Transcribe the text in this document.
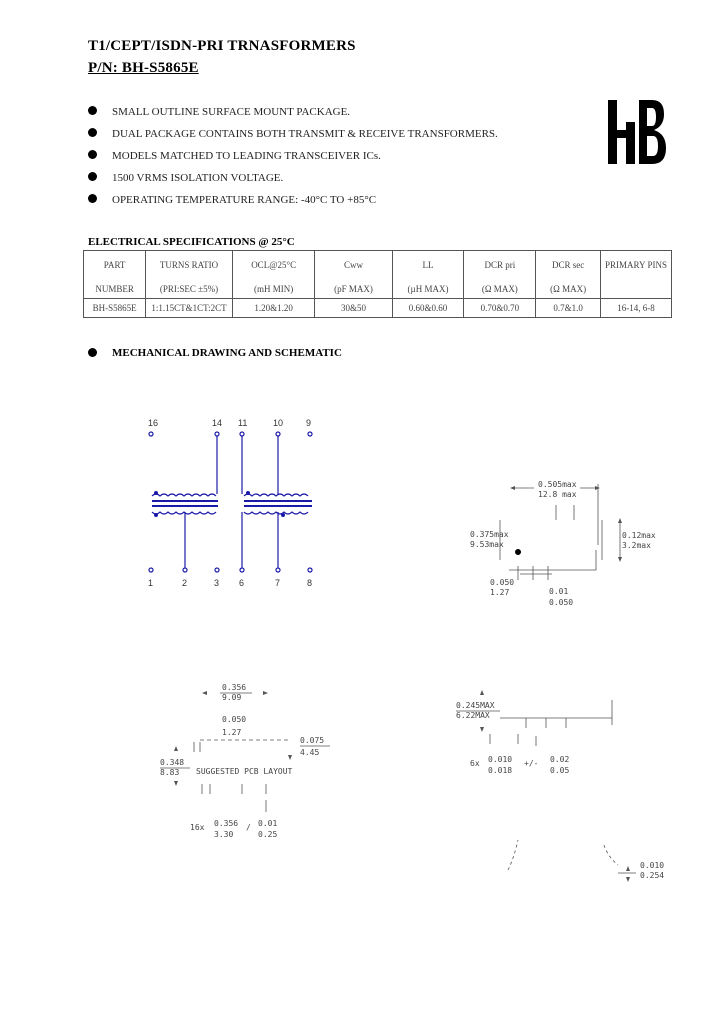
T1/CEPT/ISDN-PRI TRNASFORMERS
P/N: BH-S5865E
SMALL OUTLINE SURFACE MOUNT PACKAGE.
DUAL PACKAGE CONTAINS BOTH TRANSMIT & RECEIVE TRANSFORMERS.
MODELS MATCHED TO LEADING TRANSCEIVER ICs.
1500 VRMS ISOLATION VOLTAGE.
OPERATING TEMPERATURE RANGE: -40°C TO +85°C
ELECTRICAL SPECIFICATIONS @ 25°C
PART	TURNS RATIO	OCL@25°C	Cww	LL	DCR pri	DCR sec	PRIMARY PINS
NUMBER	(PRI:SEC ±5%)	(mH MIN)	(pF MAX)	(µH MAX)	(Ω MAX)	(Ω MAX)	
BH-S5865E	1:1.15CT&1CT:2CT	1.20&1.20	30&50	0.60&0.60	0.70&0.70	0.7&1.0	16-14, 6-8
MECHANICAL DRAWING AND SCHEMATIC
16	14 11	10	9
1	2	3 6	7	8
0.505max
12.8 max
0.375max
9.53max
0.12max
3.2max
0.050
1.27	0.01
0.050
0.356
9.09
0.050
1.27
0.075
4.45
0.348
8.83 SUGGESTED PCB LAYOUT
16x 0.356
3.30
/ 0.01
0.25
0.245MAX
6.22MAX
6x 0.010
0.018
+/- 0.02
0.05
0.010
0.254
